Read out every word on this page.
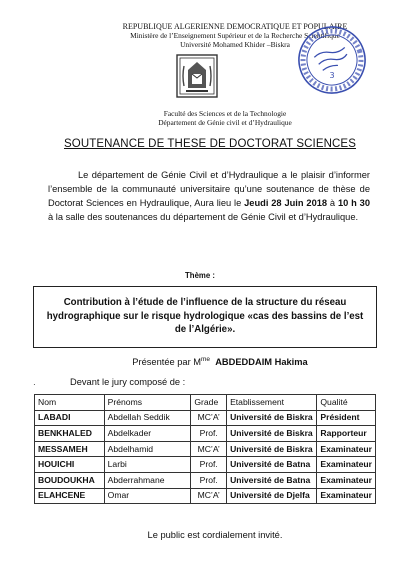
REPUBLIQUE ALGERIENNE DEMOCRATIQUE ET POPULAIRE
Ministère de l’Enseignement Supérieur et de la Recherche Scientifique
Université Mohamed Khider –Biskra
Faculté des Sciences et de la Technologie
Département de Génie civil et d’Hydraulique
3
SOUTENANCE DE THESE DE DOCTORAT SCIENCES
Le département de Génie Civil et d’Hydraulique a le plaisir d’informer l’ensemble de la communauté universitaire qu’une soutenance de thèse de Doctorat Sciences en Hydraulique, Aura lieu le Jeudi 28 Juin 2018 à 10 h 30 à la salle des soutenances du département de Génie Civil et d’Hydraulique.
Thème :
Contribution à l’étude de l’influence de la structure du réseau hydrographique sur le risque hydrologique «cas des bassins de l’est de l’Algérie».
Présentée par $M^{me}$ ABDEDDAIM Hakima
·	Devant le jury composé de :
Nom	Prénoms	Grade	Etablissement	Qualité
LABADI	Abdellah Seddik	MC’A’	Université de Biskra	Président
BENKHALED	Abdelkader	Prof.	Université de Biskra	Rapporteur
MESSAMEH	Abdelhamid	MC’A’	Université de Biskra	Examinateur
HOUICHI	Larbi	Prof.	Université de Batna	Examinateur
BOUDOUKHA	Abderrahmane	Prof.	Université de Batna	Examinateur
ELAHCENE	Omar	MC’A’	Université de Djelfa	Examinateur
Le public est cordialement invité.
